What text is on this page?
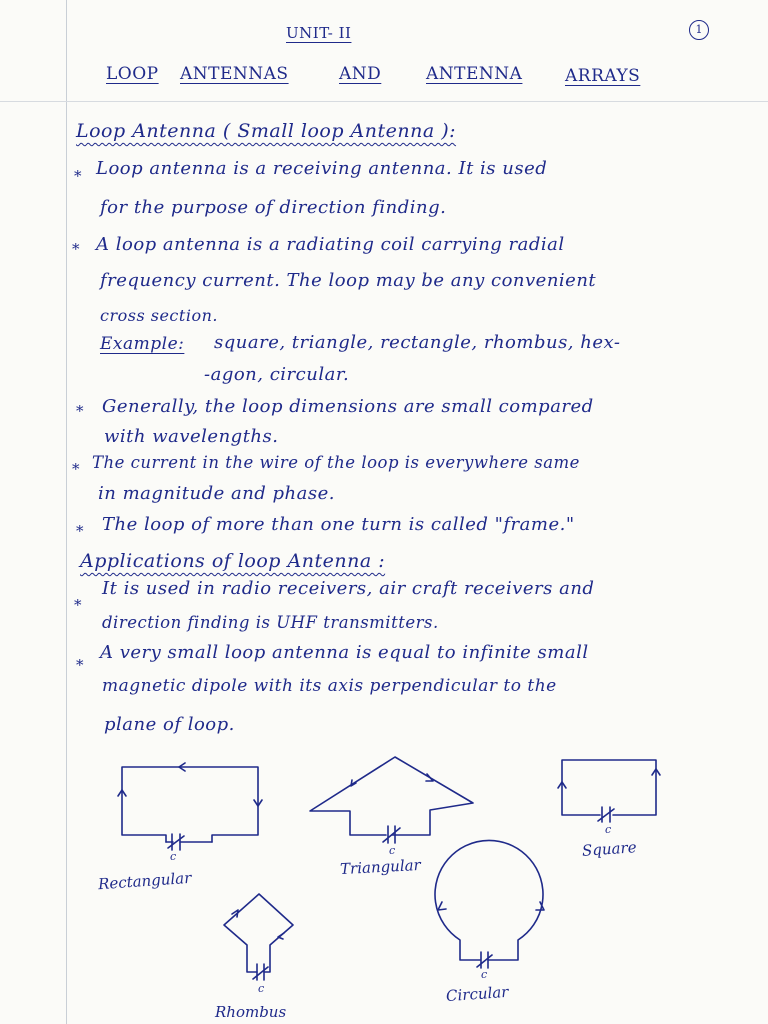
UNIT- II	1
LOOP ANTENNAS	AND	ANTENNA	ARRAYS
Loop Antenna ( Small loop Antenna ):
* Loop antenna is a receiving antenna. It is used
for the purpose of direction finding.
* A loop antenna is a radiating coil carrying radial
frequency current. The loop may be any convenient
cross section.
Example: square, triangle, rectangle, rhombus, hex-
-agon, circular.
* Generally, the loop dimensions are small compared
with wavelengths.
* The current in the wire of the loop is everywhere same
in magnitude and phase.
* The loop of more than one turn is called "frame."
Applications of loop Antenna :
*
It is used in radio receivers, air craft receivers and
direction finding is UHF transmitters.
*
A very small loop antenna is equal to infinite small
magnetic dipole with its axis perpendicular to the
plane of loop.
c	c
c
c
c
Rectangular
Triangular
Square
Rhombus
Circular
